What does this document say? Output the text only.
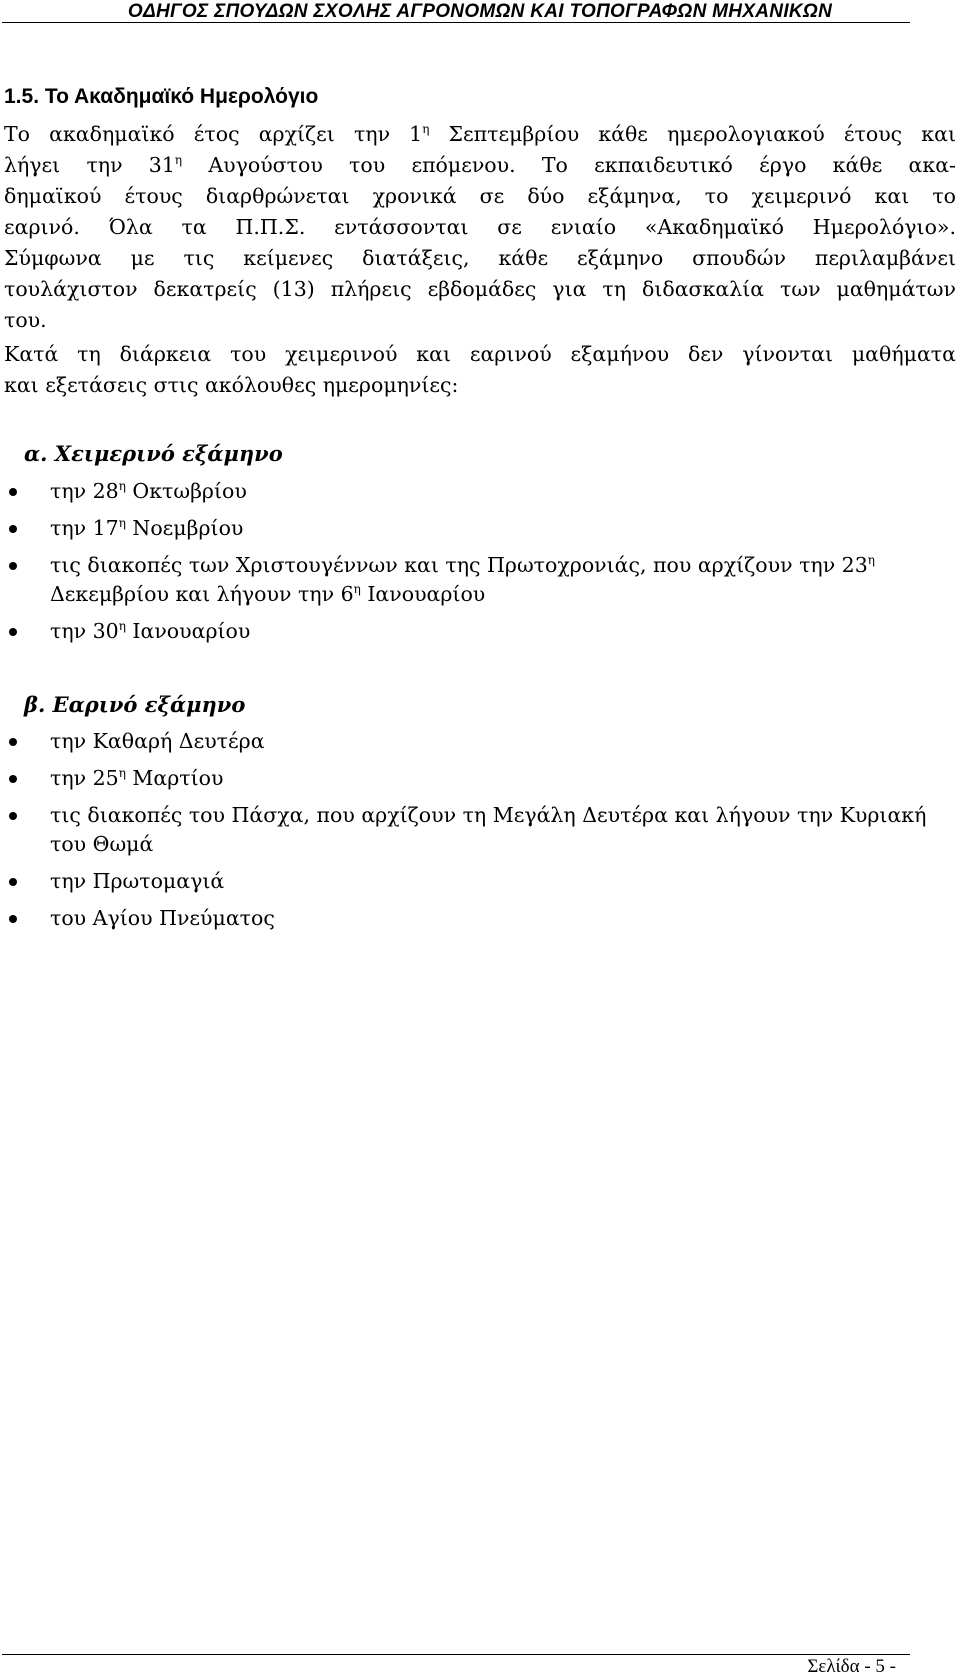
ΟΔΗΓΟΣ ΣΠΟΥΔΩΝ ΣΧΟΛΗΣ ΑΓΡΟΝΟΜΩΝ ΚΑΙ ΤΟΠΟΓΡΑΦΩΝ ΜΗΧΑΝΙΚΩΝ
1.5. Το Ακαδημαϊκό Ημερολόγιο
Το ακαδημαϊκό έτος αρχίζει την $1^\eta$ Σεπτεμβρίου κάθε ημερολογιακού έτους και
λήγει την $31^\eta$ Αυγούστου του επόμενου. Το εκπαιδευτικό έργο κάθε ακα-
δημαϊκού έτους διαρθρώνεται χρονικά σε δύο εξάμηνα, το χειμερινό και το
εαρινό. Όλα τα Π.Π.Σ. εντάσσονται σε ενιαίο «Ακαδημαϊκό Ημερολόγιο».
Σύμφωνα με τις κείμενες διατάξεις, κάθε εξάμηνο σπουδών περιλαμβάνει
τουλάχιστον δεκατρείς (13) πλήρεις εβδομάδες για τη διδασκαλία των μαθημάτων
του.
Κατά τη διάρκεια του χειμερινού και εαρινού εξαμήνου δεν γίνονται μαθήματα
και εξετάσεις στις ακόλουθες ημερομηνίες:
α. Χειμερινό εξάμηνο
την $28^\eta$ Οκτωβρίου
την $17^\eta$ Νοεμβρίου
τις διακοπές των Χριστουγέννων και της Πρωτοχρονιάς, που αρχίζουν την $23^\eta$ Δεκεμβρίου και λήγουν την $6^\eta$ Ιανουαρίου
την $30^\eta$ Ιανουαρίου
β. Εαρινό εξάμηνο
την Καθαρή Δευτέρα
την $25^\eta$ Μαρτίου
τις διακοπές του Πάσχα, που αρχίζουν τη Μεγάλη Δευτέρα και λήγουν την Κυριακή του Θωμά
την Πρωτομαγιά
του Αγίου Πνεύματος
Σελίδα - 5 -
